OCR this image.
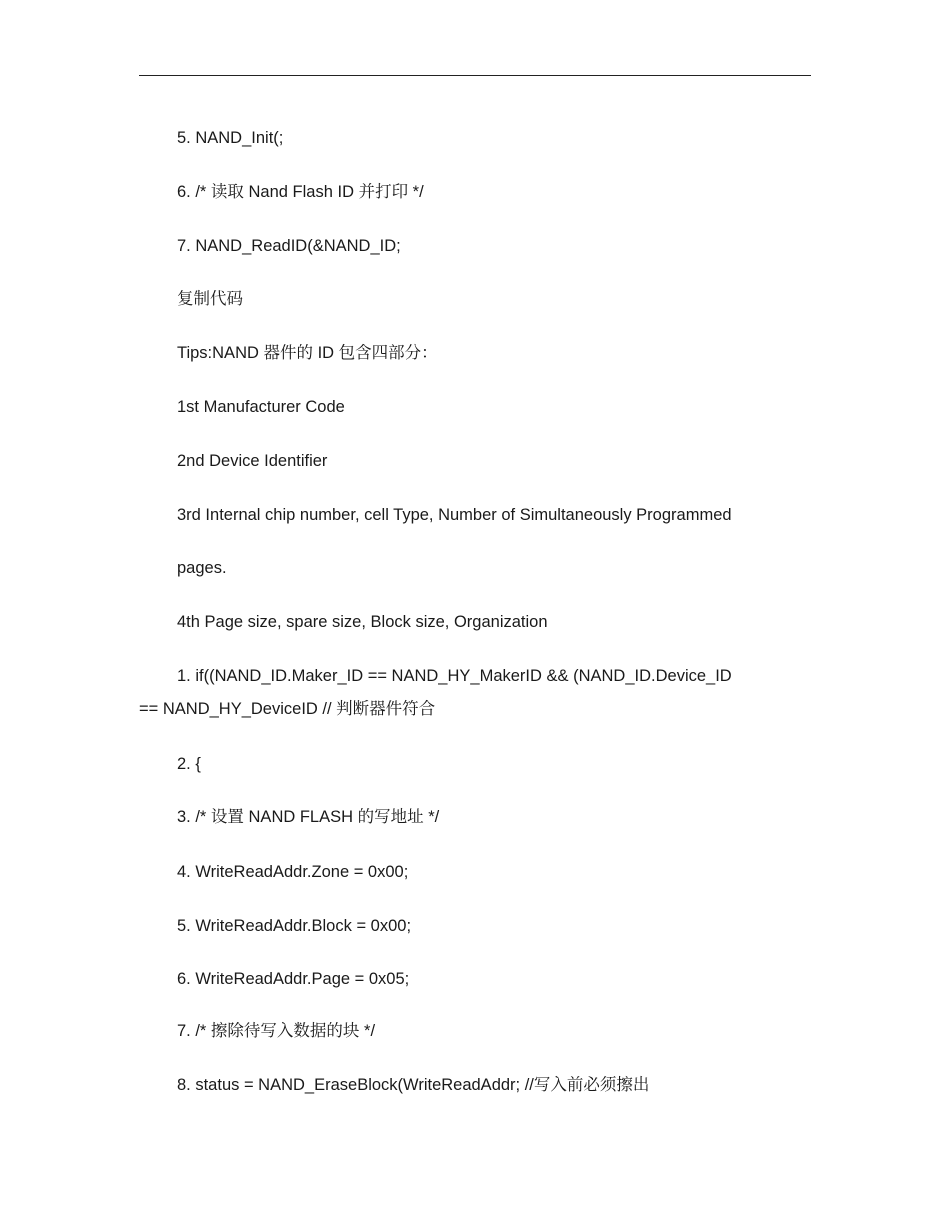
5. NAND_Init(;
6. /* 读取 Nand Flash ID 并打印 */
7. NAND_ReadID(&NAND_ID;
复制代码
Tips:NAND 器件的 ID 包含四部分：
1st Manufacturer Code
2nd Device Identifier
3rd Internal chip number, cell Type, Number of Simultaneously Programmed
pages.
4th Page size, spare size, Block size, Organization
1. if((NAND_ID.Maker_ID == NAND_HY_MakerID && (NAND_ID.Device_ID
== NAND_HY_DeviceID // 判断器件符合
2. {
3. /* 设置 NAND FLASH 的写地址 */
4. WriteReadAddr.Zone = 0x00;
5. WriteReadAddr.Block = 0x00;
6. WriteReadAddr.Page = 0x05;
7. /* 擦除待写入数据的块 */
8. status = NAND_EraseBlock(WriteReadAddr; //写入前必须擦出
